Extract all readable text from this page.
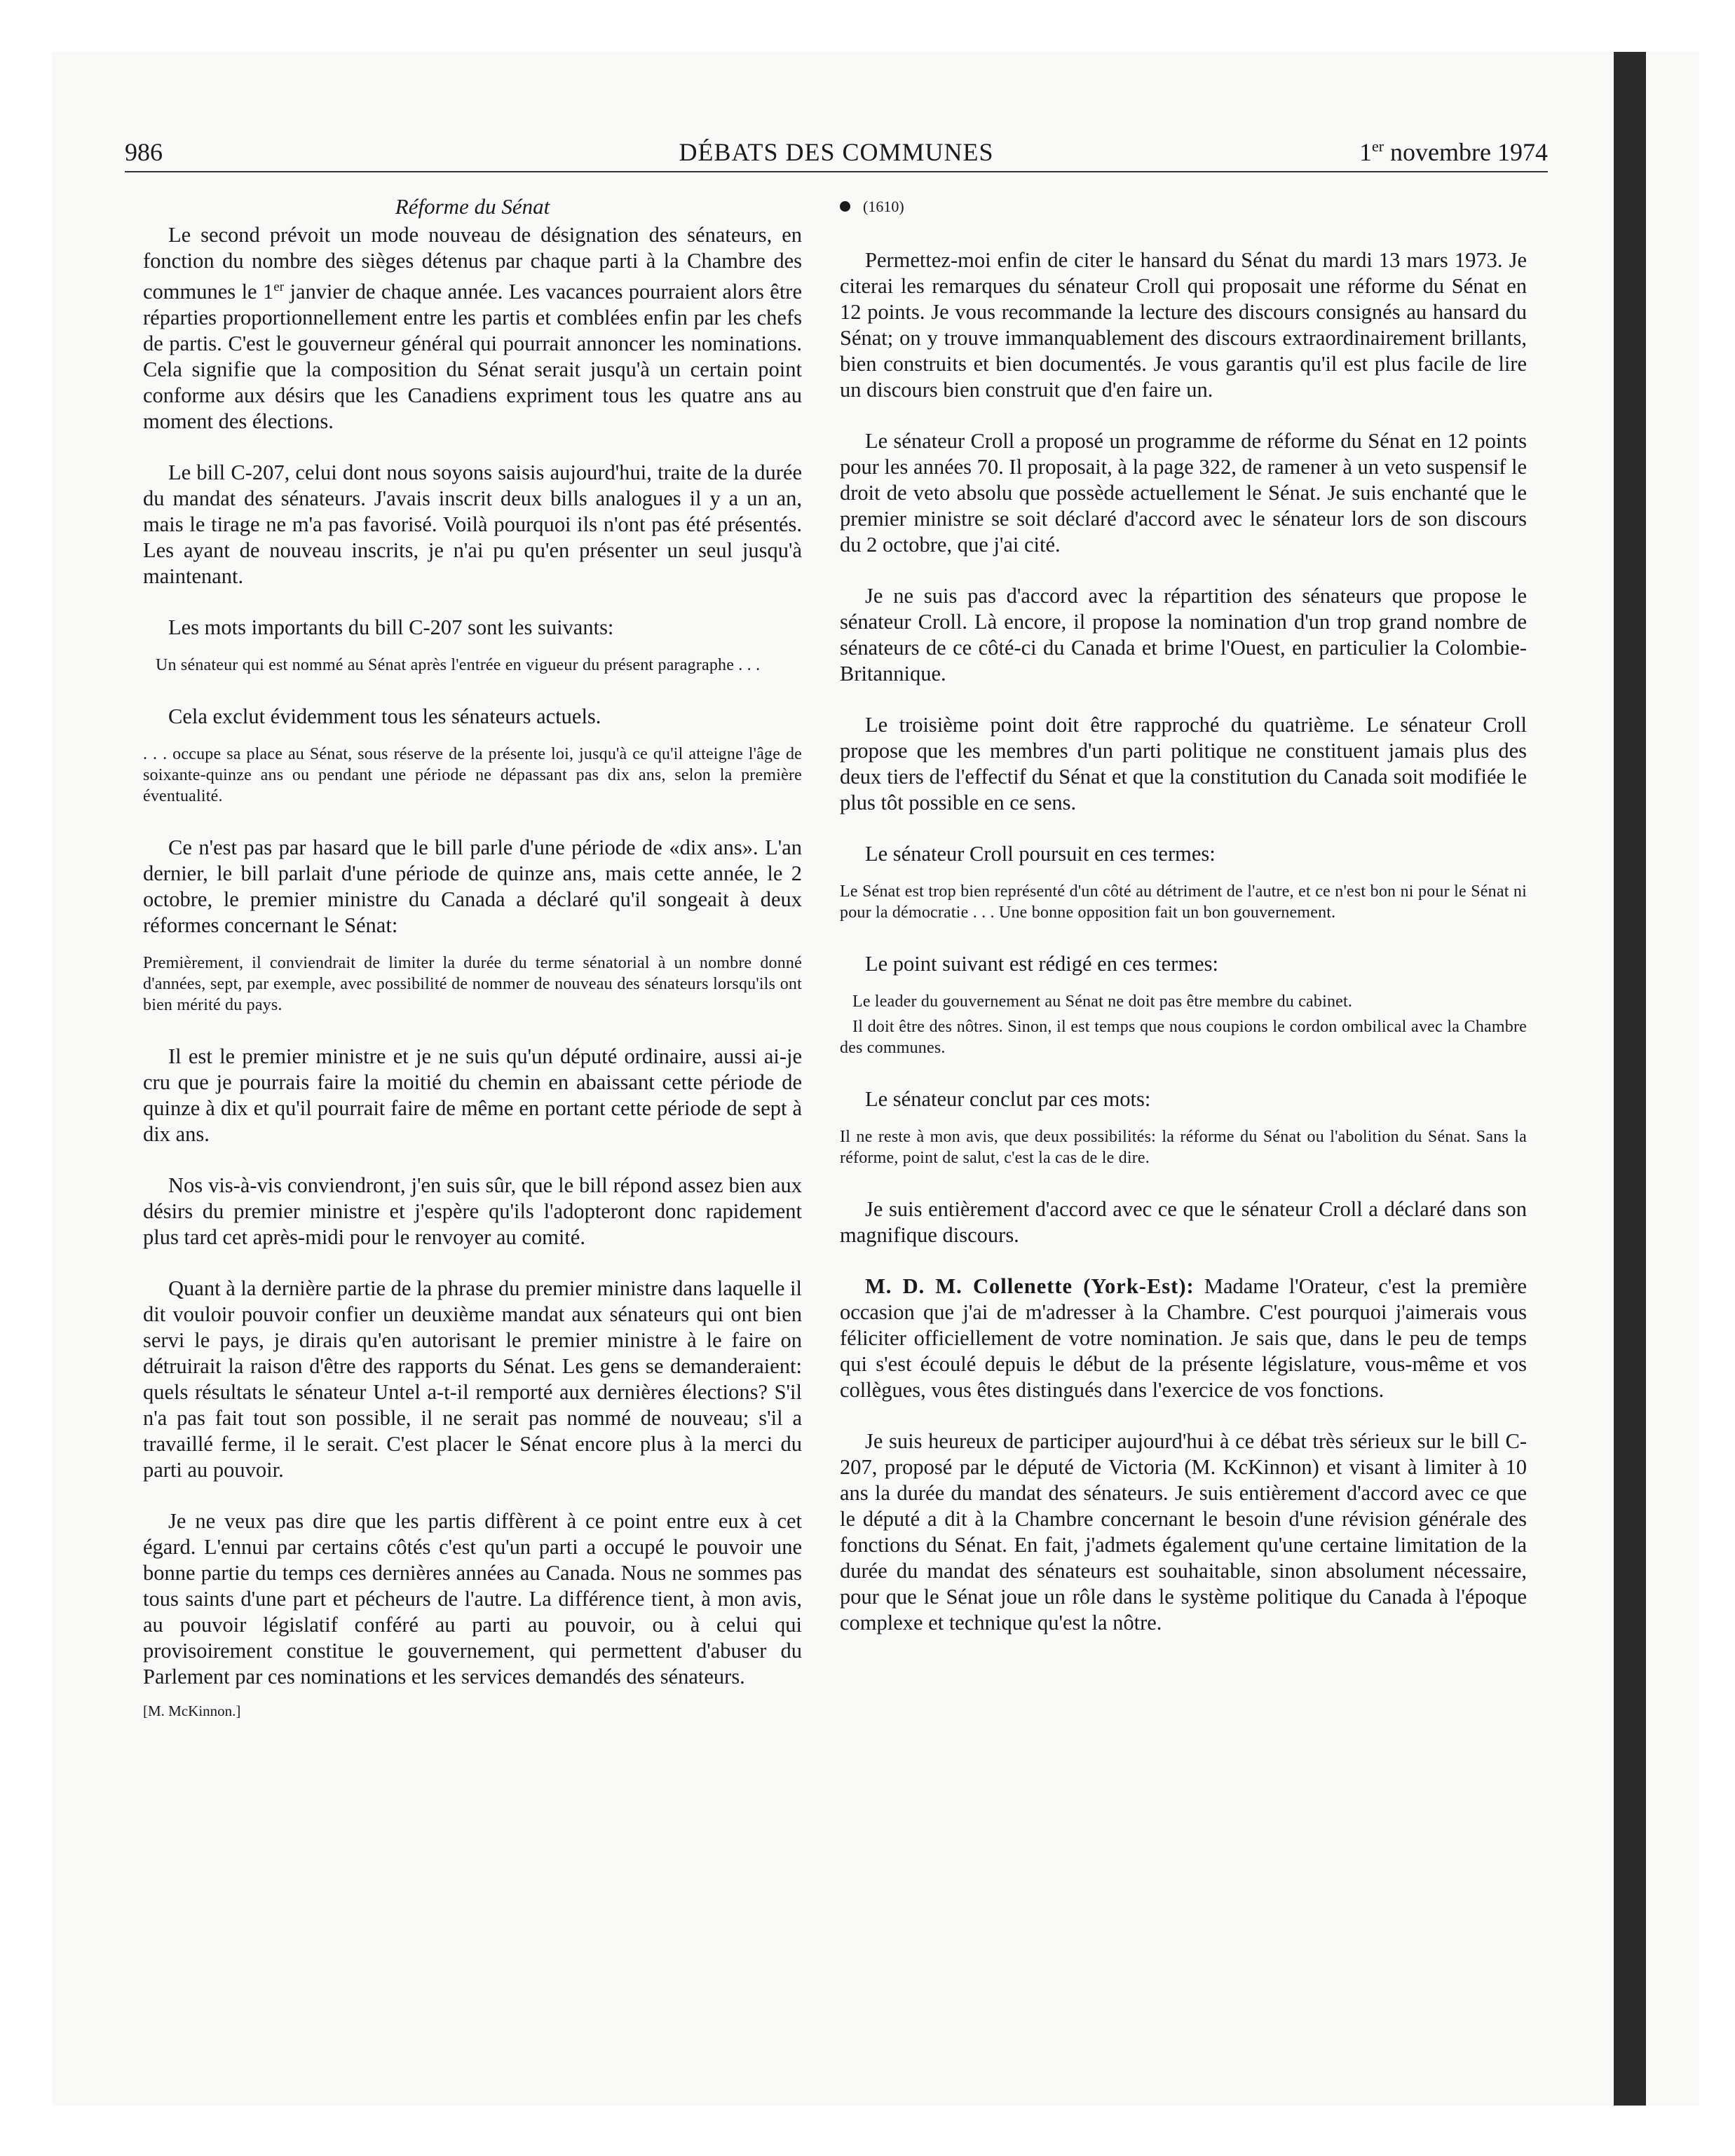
986	DÉBATS DES COMMUNES	1er novembre 1974

Réforme du Sénat

Le second prévoit un mode nouveau de désignation des sénateurs, en fonction du nombre des sièges détenus par chaque parti à la Chambre des communes le 1er janvier de chaque année. Les vacances pourraient alors être réparties proportionnellement entre les partis et comblées enfin par les chefs de partis. C'est le gouverneur général qui pourrait annoncer les nominations. Cela signifie que la composition du Sénat serait jusqu'à un certain point conforme aux désirs que les Canadiens expriment tous les quatre ans au moment des élections.

Le bill C-207, celui dont nous soyons saisis aujourd'hui, traite de la durée du mandat des sénateurs. J'avais inscrit deux bills analogues il y a un an, mais le tirage ne m'a pas favorisé. Voilà pourquoi ils n'ont pas été présentés. Les ayant de nouveau inscrits, je n'ai pu qu'en présenter un seul jusqu'à maintenant.

Les mots importants du bill C-207 sont les suivants:

Un sénateur qui est nommé au Sénat après l'entrée en vigueur du présent paragraphe . . .

Cela exclut évidemment tous les sénateurs actuels.

. . . occupe sa place au Sénat, sous réserve de la présente loi, jusqu'à ce qu'il atteigne l'âge de soixante-quinze ans ou pendant une période ne dépassant pas dix ans, selon la première éventualité.

Ce n'est pas par hasard que le bill parle d'une période de «dix ans». L'an dernier, le bill parlait d'une période de quinze ans, mais cette année, le 2 octobre, le premier ministre du Canada a déclaré qu'il songeait à deux réformes concernant le Sénat:

Premièrement, il conviendrait de limiter la durée du terme sénatorial à un nombre donné d'années, sept, par exemple, avec possibilité de nommer de nouveau des sénateurs lorsqu'ils ont bien mérité du pays.

Il est le premier ministre et je ne suis qu'un député ordinaire, aussi ai-je cru que je pourrais faire la moitié du chemin en abaissant cette période de quinze à dix et qu'il pourrait faire de même en portant cette période de sept à dix ans.

Nos vis-à-vis conviendront, j'en suis sûr, que le bill répond assez bien aux désirs du premier ministre et j'espère qu'ils l'adopteront donc rapidement plus tard cet après-midi pour le renvoyer au comité.

Quant à la dernière partie de la phrase du premier ministre dans laquelle il dit vouloir pouvoir confier un deuxième mandat aux sénateurs qui ont bien servi le pays, je dirais qu'en autorisant le premier ministre à le faire on détruirait la raison d'être des rapports du Sénat. Les gens se demanderaient: quels résultats le sénateur Untel a-t-il remporté aux dernières élections? S'il n'a pas fait tout son possible, il ne serait pas nommé de nouveau; s'il a travaillé ferme, il le serait. C'est placer le Sénat encore plus à la merci du parti au pouvoir.

Je ne veux pas dire que les partis diffèrent à ce point entre eux à cet égard. L'ennui par certains côtés c'est qu'un parti a occupé le pouvoir une bonne partie du temps ces dernières années au Canada. Nous ne sommes pas tous saints d'une part et pécheurs de l'autre. La différence tient, à mon avis, au pouvoir législatif conféré au parti au pouvoir, ou à celui qui provisoirement constitue le gouvernement, qui permettent d'abuser du Parlement par ces nominations et les services demandés des sénateurs.

[M. McKinnon.]

(1610)

Permettez-moi enfin de citer le hansard du Sénat du mardi 13 mars 1973. Je citerai les remarques du sénateur Croll qui proposait une réforme du Sénat en 12 points. Je vous recommande la lecture des discours consignés au hansard du Sénat; on y trouve immanquablement des discours extraordinairement brillants, bien construits et bien documentés. Je vous garantis qu'il est plus facile de lire un discours bien construit que d'en faire un.

Le sénateur Croll a proposé un programme de réforme du Sénat en 12 points pour les années 70. Il proposait, à la page 322, de ramener à un veto suspensif le droit de veto absolu que possède actuellement le Sénat. Je suis enchanté que le premier ministre se soit déclaré d'accord avec le sénateur lors de son discours du 2 octobre, que j'ai cité.

Je ne suis pas d'accord avec la répartition des sénateurs que propose le sénateur Croll. Là encore, il propose la nomination d'un trop grand nombre de sénateurs de ce côté-ci du Canada et brime l'Ouest, en particulier la Colombie-Britannique.

Le troisième point doit être rapproché du quatrième. Le sénateur Croll propose que les membres d'un parti politique ne constituent jamais plus des deux tiers de l'effectif du Sénat et que la constitution du Canada soit modifiée le plus tôt possible en ce sens.

Le sénateur Croll poursuit en ces termes:

Le Sénat est trop bien représenté d'un côté au détriment de l'autre, et ce n'est bon ni pour le Sénat ni pour la démocratie . . . Une bonne opposition fait un bon gouvernement.

Le point suivant est rédigé en ces termes:

Le leader du gouvernement au Sénat ne doit pas être membre du cabinet.

Il doit être des nôtres. Sinon, il est temps que nous coupions le cordon ombilical avec la Chambre des communes.

Le sénateur conclut par ces mots:

Il ne reste à mon avis, que deux possibilités: la réforme du Sénat ou l'abolition du Sénat. Sans la réforme, point de salut, c'est la cas de le dire.

Je suis entièrement d'accord avec ce que le sénateur Croll a déclaré dans son magnifique discours.

M. D. M. Collenette (York-Est): Madame l'Orateur, c'est la première occasion que j'ai de m'adresser à la Chambre. C'est pourquoi j'aimerais vous féliciter officiellement de votre nomination. Je sais que, dans le peu de temps qui s'est écoulé depuis le début de la présente législature, vous-même et vos collègues, vous êtes distingués dans l'exercice de vos fonctions.

Je suis heureux de participer aujourd'hui à ce débat très sérieux sur le bill C-207, proposé par le député de Victoria (M. KcKinnon) et visant à limiter à 10 ans la durée du mandat des sénateurs. Je suis entièrement d'accord avec ce que le député a dit à la Chambre concernant le besoin d'une révision générale des fonctions du Sénat. En fait, j'admets également qu'une certaine limitation de la durée du mandat des sénateurs est souhaitable, sinon absolument nécessaire, pour que le Sénat joue un rôle dans le système politique du Canada à l'époque complexe et technique qu'est la nôtre.
